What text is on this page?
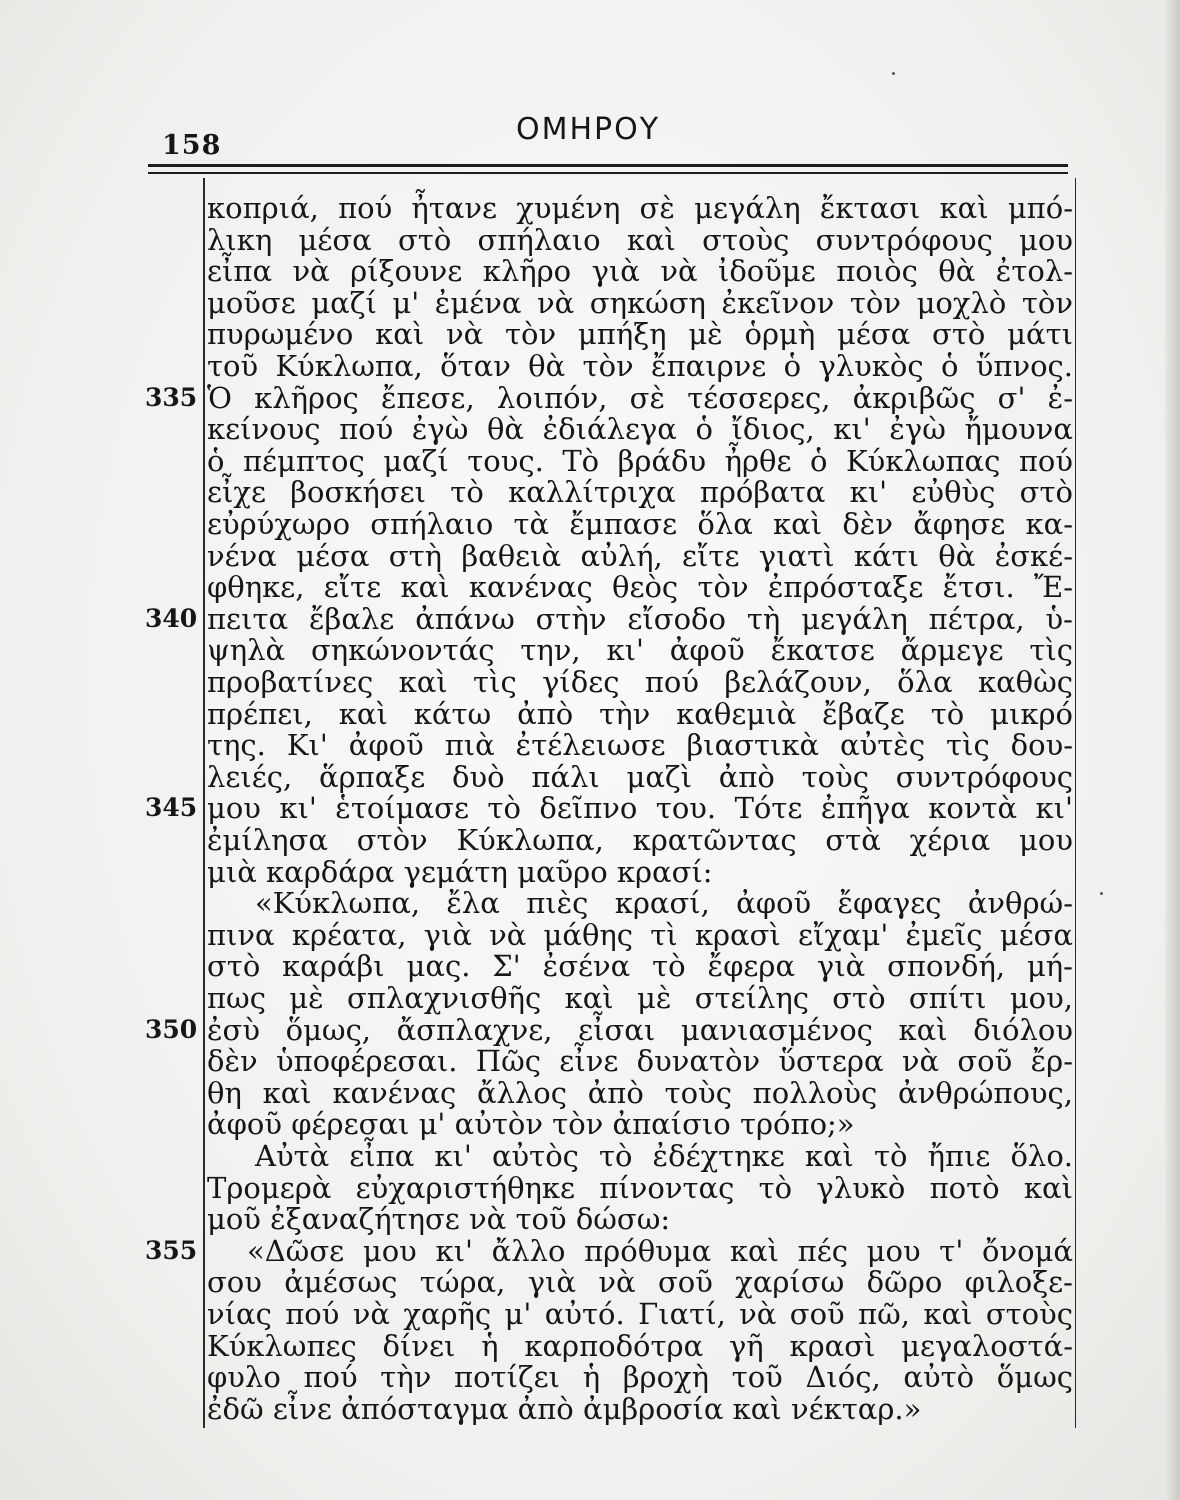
158	ΟΜΗΡΟΥ
335
340
345
350
355
κοπριά, πού ἦτανε χυμένη σὲ μεγάλη ἔκτασι καὶ μπό-
λικη μέσα στὸ σπήλαιο καὶ στοὺς συντρόφους μου
εἶπα νὰ ρίξουνε κλῆρο γιὰ νὰ ἰδοῦμε ποιὸς θὰ ἐτολ-
μοῦσε μαζί μ' ἐμένα νὰ σηκώση ἐκεῖνον τὸν μοχλὸ τὸν
πυρωμένο καὶ νὰ τὸν μπήξη μὲ ὁρμὴ μέσα στὸ μάτι
τοῦ Κύκλωπα, ὅταν θὰ τὸν ἔπαιρνε ὁ γλυκὸς ὁ ὕπνος.
Ὁ κλῆρος ἔπεσε, λοιπόν, σὲ τέσσερες, ἀκριβῶς σ' ἐ-
κείνους πού ἐγὼ θὰ ἐδιάλεγα ὁ ἴδιος, κι' ἐγὼ ἤμουνα
ὁ πέμπτος μαζί τους. Τὸ βράδυ ἦρθε ὁ Κύκλωπας πού
εἶχε βοσκήσει τὸ καλλίτριχα πρόβατα κι' εὐθὺς στὸ
εὐρύχωρο σπήλαιο τὰ ἔμπασε ὅλα καὶ δὲν ἄφησε κα-
νένα μέσα στὴ βαθειὰ αὐλή, εἴτε γιατὶ κάτι θὰ ἐσκέ-
φθηκε, εἴτε καὶ κανένας θεὸς τὸν ἐπρόσταξε ἔτσι. Ἔ-
πειτα ἔβαλε ἀπάνω στὴν εἴσοδο τὴ μεγάλη πέτρα, ὑ-
ψηλὰ σηκώνοντάς την, κι' ἀφοῦ ἔκατσε ἄρμεγε τὶς
προβατίνες καὶ τὶς γίδες πού βελάζουν, ὅλα καθὼς
πρέπει, καὶ κάτω ἀπὸ τὴν καθεμιὰ ἔβαζε τὸ μικρό
της. Κι' ἀφοῦ πιὰ ἐτέλειωσε βιαστικὰ αὐτὲς τὶς δου-
λειές, ἅρπαξε δυὸ πάλι μαζὶ ἀπὸ τοὺς συντρόφους
μου κι' ἑτοίμασε τὸ δεῖπνο του. Τότε ἐπῆγα κοντὰ κι'
ἐμίλησα στὸν Κύκλωπα, κρατῶντας στὰ χέρια μου
μιὰ καρδάρα γεμάτη μαῦρο κρασί:
«Κύκλωπα, ἔλα πιὲς κρασί, ἀφοῦ ἔφαγες ἀνθρώ-
πινα κρέατα, γιὰ νὰ μάθης τὶ κρασὶ εἴχαμ' ἐμεῖς μέσα
στὸ καράβι μας. Σ' ἐσένα τὸ ἔφερα γιὰ σπονδή, μή-
πως μὲ σπλαχνισθῆς καὶ μὲ στείλης στὸ σπίτι μου,
ἐσὺ ὅμως, ἄσπλαχνε, εἶσαι μανιασμένος καὶ διόλου
δὲν ὑποφέρεσαι. Πῶς εἶνε δυνατὸν ὕστερα νὰ σοῦ ἔρ-
θη καὶ κανένας ἄλλος ἀπὸ τοὺς πολλοὺς ἀνθρώπους,
ἀφοῦ φέρεσαι μ' αὐτὸν τὸν ἀπαίσιο τρόπο;»
Αὐτὰ εἶπα κι' αὐτὸς τὸ ἐδέχτηκε καὶ τὸ ἤπιε ὅλο.
Τρομερὰ εὐχαριστήθηκε πίνοντας τὸ γλυκὸ ποτὸ καὶ
μοῦ ἐξαναζήτησε νὰ τοῦ δώσω:
«Δῶσε μου κι' ἄλλο πρόθυμα καὶ πές μου τ' ὄνομά
σου ἀμέσως τώρα, γιὰ νὰ σοῦ χαρίσω δῶρο φιλοξε-
νίας πού νὰ χαρῆς μ' αὐτό. Γιατί, νὰ σοῦ πῶ, καὶ στοὺς
Κύκλωπες δίνει ἡ καρποδότρα γῆ κρασὶ μεγαλοστά-
φυλο πού τὴν ποτίζει ἡ βροχὴ τοῦ Διός, αὐτὸ ὅμως
ἐδῶ εἶνε ἀπόσταγμα ἀπὸ ἀμβροσία καὶ νέκταρ.»
